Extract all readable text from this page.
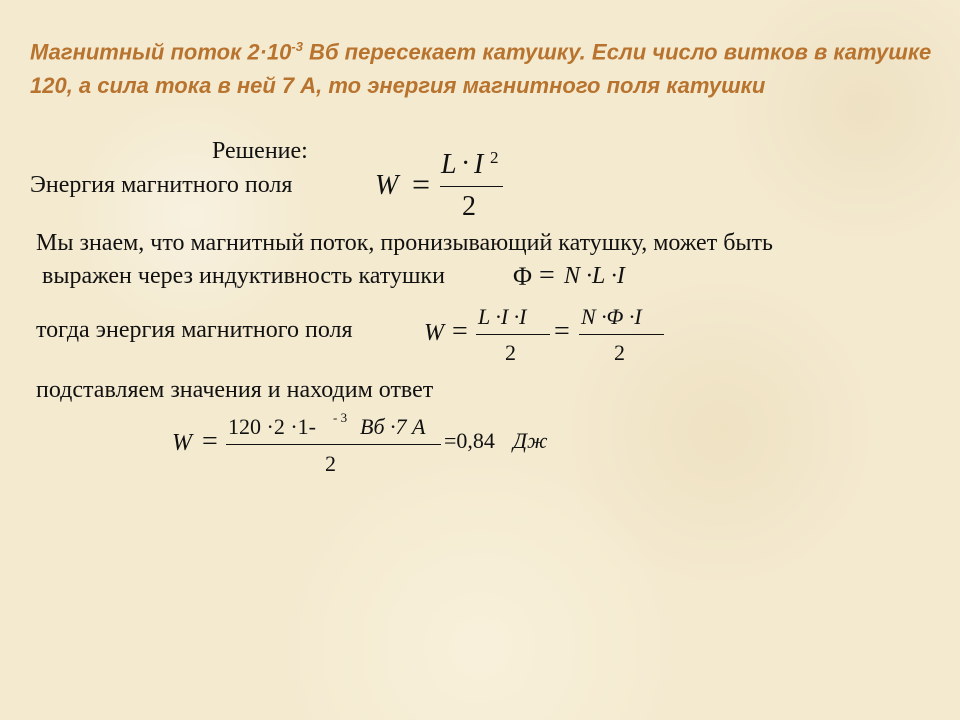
Магнитный поток $2\cdot 10^{-3}$ Вб пересекает катушку. Если число витков в катушке 120, а сила тока в ней 7 А, то энергия магнитного поля катушки
Решение:
Энергия магнитного поля	W =
L · I 2
2
Мы знаем, что магнитный поток, пронизывающий катушку, может быть
выражен через индуктивность катушки	Φ = N ·L ·I
тогда энергия магнитного поля	W = L ·I ·I
2
= N ·Φ ·I
2
подставляем значения и находим ответ
W = 120 ·2 ·1- - 3 Вб ·7 А
2
=0,84 Дж
